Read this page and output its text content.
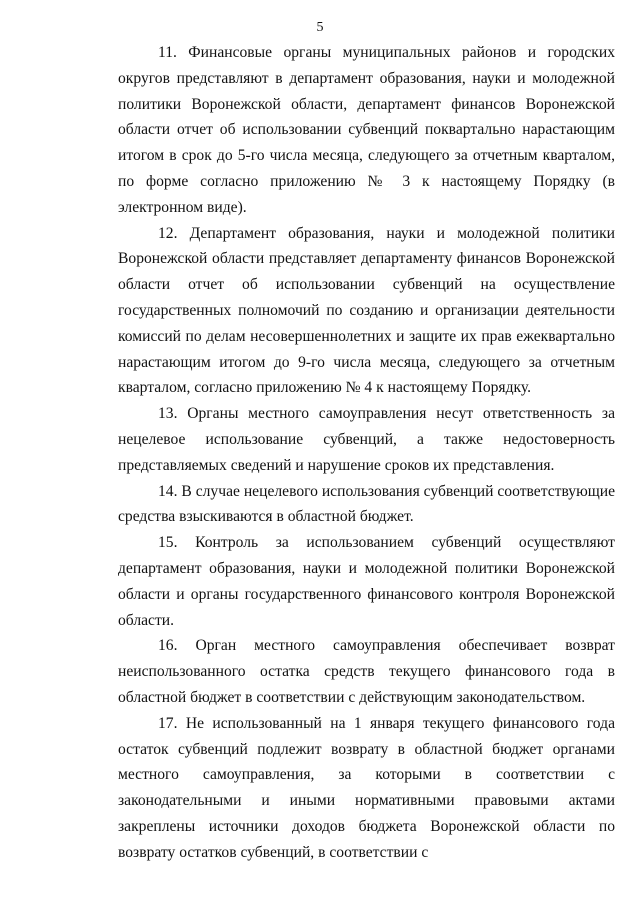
5

11. Финансовые органы муниципальных районов и городских округов представляют в департамент образования, науки и молодежной политики Воронежской области, департамент финансов Воронежской области отчет об использовании субвенций поквартально нарастающим итогом в срок до 5-го числа месяца, следующего за отчетным кварталом, по форме согласно приложению № 3 к настоящему Порядку (в электронном виде).

12. Департамент образования, науки и молодежной политики Воронежской области представляет департаменту финансов Воронежской области отчет об использовании субвенций на осуществление государственных полномочий по созданию и организации деятельности комиссий по делам несовершеннолетних и защите их прав ежеквартально нарастающим итогом до 9-го числа месяца, следующего за отчетным кварталом, согласно приложению № 4 к настоящему Порядку.

13. Органы местного самоуправления несут ответственность за нецелевое использование субвенций, а также недостоверность представляемых сведений и нарушение сроков их представления.

14. В случае нецелевого использования субвенций соответствующие средства взыскиваются в областной бюджет.

15. Контроль за использованием субвенций осуществляют департамент образования, науки и молодежной политики Воронежской области и органы государственного финансового контроля Воронежской области.

16. Орган местного самоуправления обеспечивает возврат неиспользованного остатка средств текущего финансового года в областной бюджет в соответствии с действующим законодательством.

17. Не использованный на 1 января текущего финансового года остаток субвенций подлежит возврату в областной бюджет органами местного самоуправления, за которыми в соответствии с законодательными и иными нормативными правовыми актами закреплены источники доходов бюджета Воронежской области по возврату остатков субвенций, в соответствии с
